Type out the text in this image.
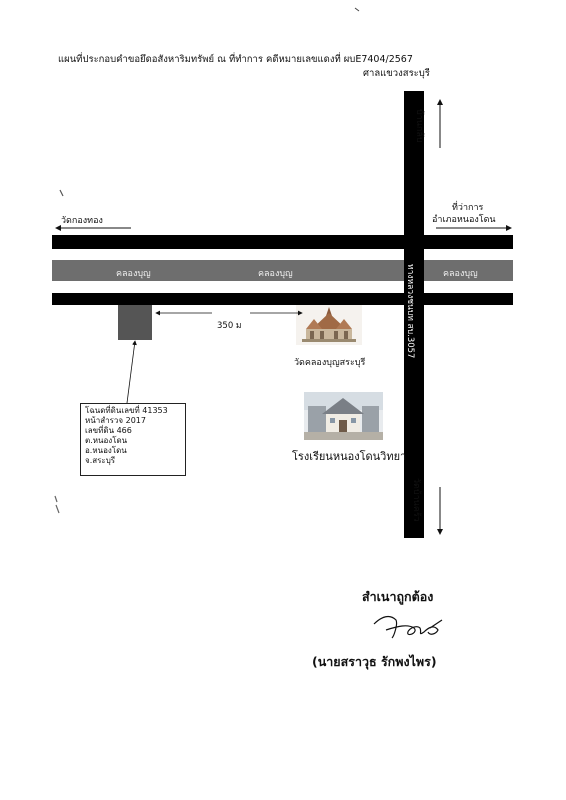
แผนที่ประกอบคำขอยึดอสังหาริมทรัพย์ ณ ที่ทำการ คดีหมายเลขแดงที่ ผบE7404/2567
ศาลแขวงสระบุรี
คลองบุญ	คลองบุญ	คลองบุญ
ทางหลวงชนบท สบ.3057
บ้านกล้บ
วัดบ้านคร้ว
วัดกองทอง
ที่ว่าการ
อำเภอหนองโดน
350 ม
วัดคลองบุญสระบุรี
โรงเรียนหนองโดนวิทยา
โฉนดที่ดินเลขที่ 41353
หน้าสำรวจ 2017
เลขที่ดิน 466
ต.หนองโดน
อ.หนองโดน
จ.สระบุรี
สำเนาถูกต้อง
(นายสราวุธ รักพงไพร)
